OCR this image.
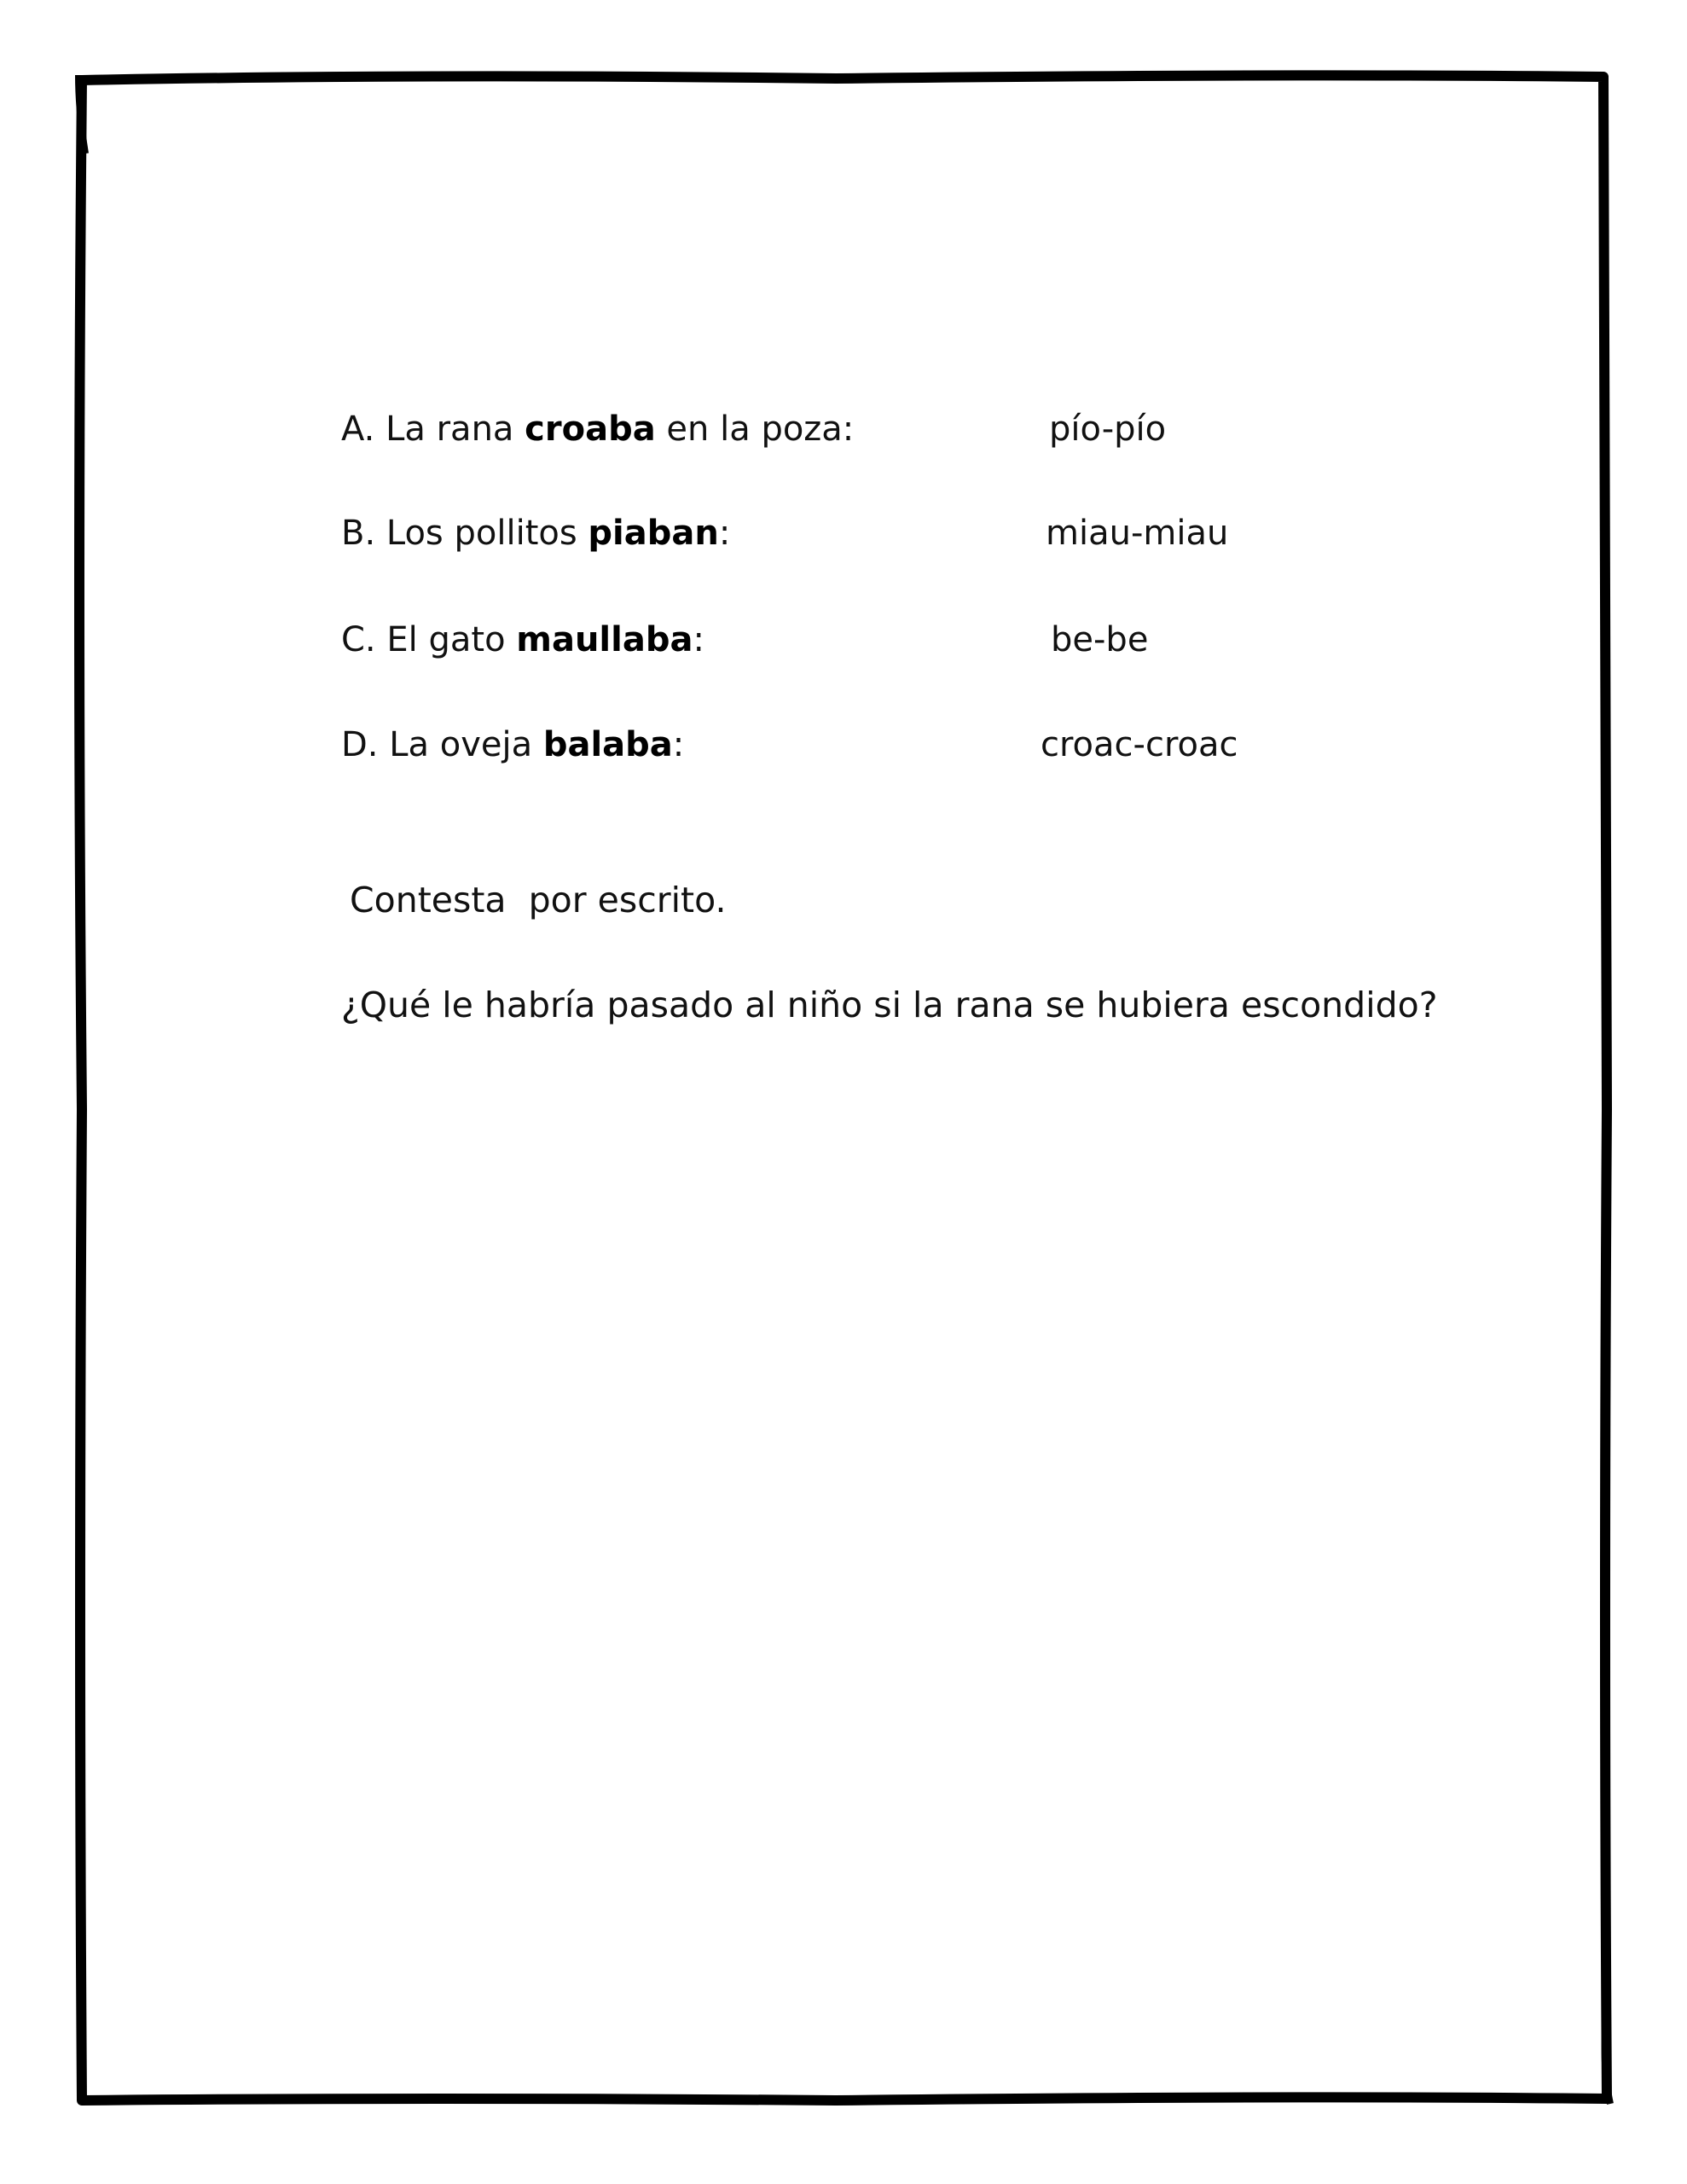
A. La rana croaba en la poza:	pío-pío
B. Los pollitos piaban:	miau-miau
C. El gato maullaba:	be-be
D. La oveja balaba:	croac-croac
Contesta  por escrito.
¿Qué le habría pasado al niño si la rana se hubiera escondido?
